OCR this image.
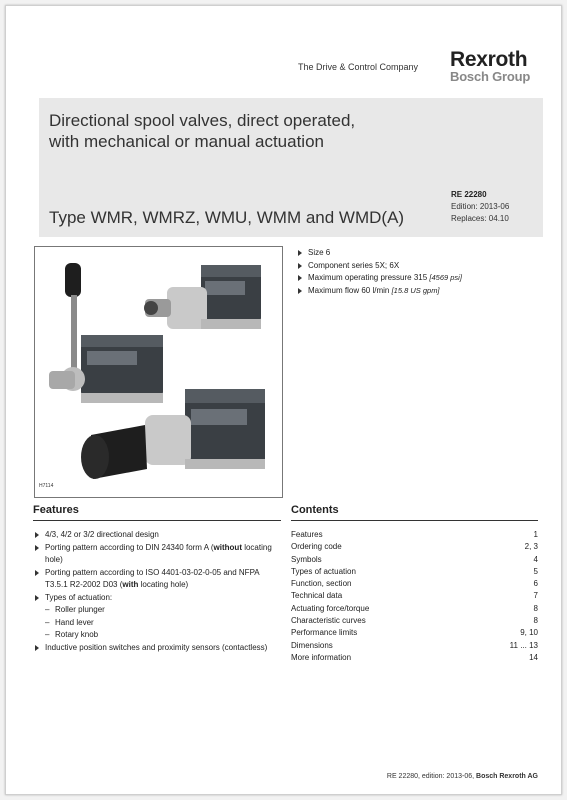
The Drive & Control Company Rexroth
Bosch Group
Directional spool valves, direct operated,
with mechanical or manual actuation
Type WMR, WMRZ, WMU, WMM and WMD(A)
RE 22280
Edition: 2013-06
Replaces: 04.10
H7114
Size 6
Component series 5X; 6X
Maximum operating pressure 315 [4569 psi]
Maximum flow 60 l/min [15.8 US gpm]
Features	Contents
4/3, 4/2 or 3/2 directional design
Porting pattern according to DIN 24340 form A (without locating hole)
Porting pattern according to ISO 4401-03-02-0-05 and NFPA T3.5.1 R2-2002 D03 (with locating hole)
Types of actuation:
– Roller plunger
– Hand lever
– Rotary knob
Inductive position switches and proximity sensors (contactless)
Features	1
Ordering code	2, 3
Symbols	4
Types of actuation	5
Function, section	6
Technical data	7
Actuating force/torque	8
Characteristic curves	8
Performance limits	9, 10
Dimensions	11 ... 13
More information	14
RE 22280, edition: 2013-06, Bosch Rexroth AG
